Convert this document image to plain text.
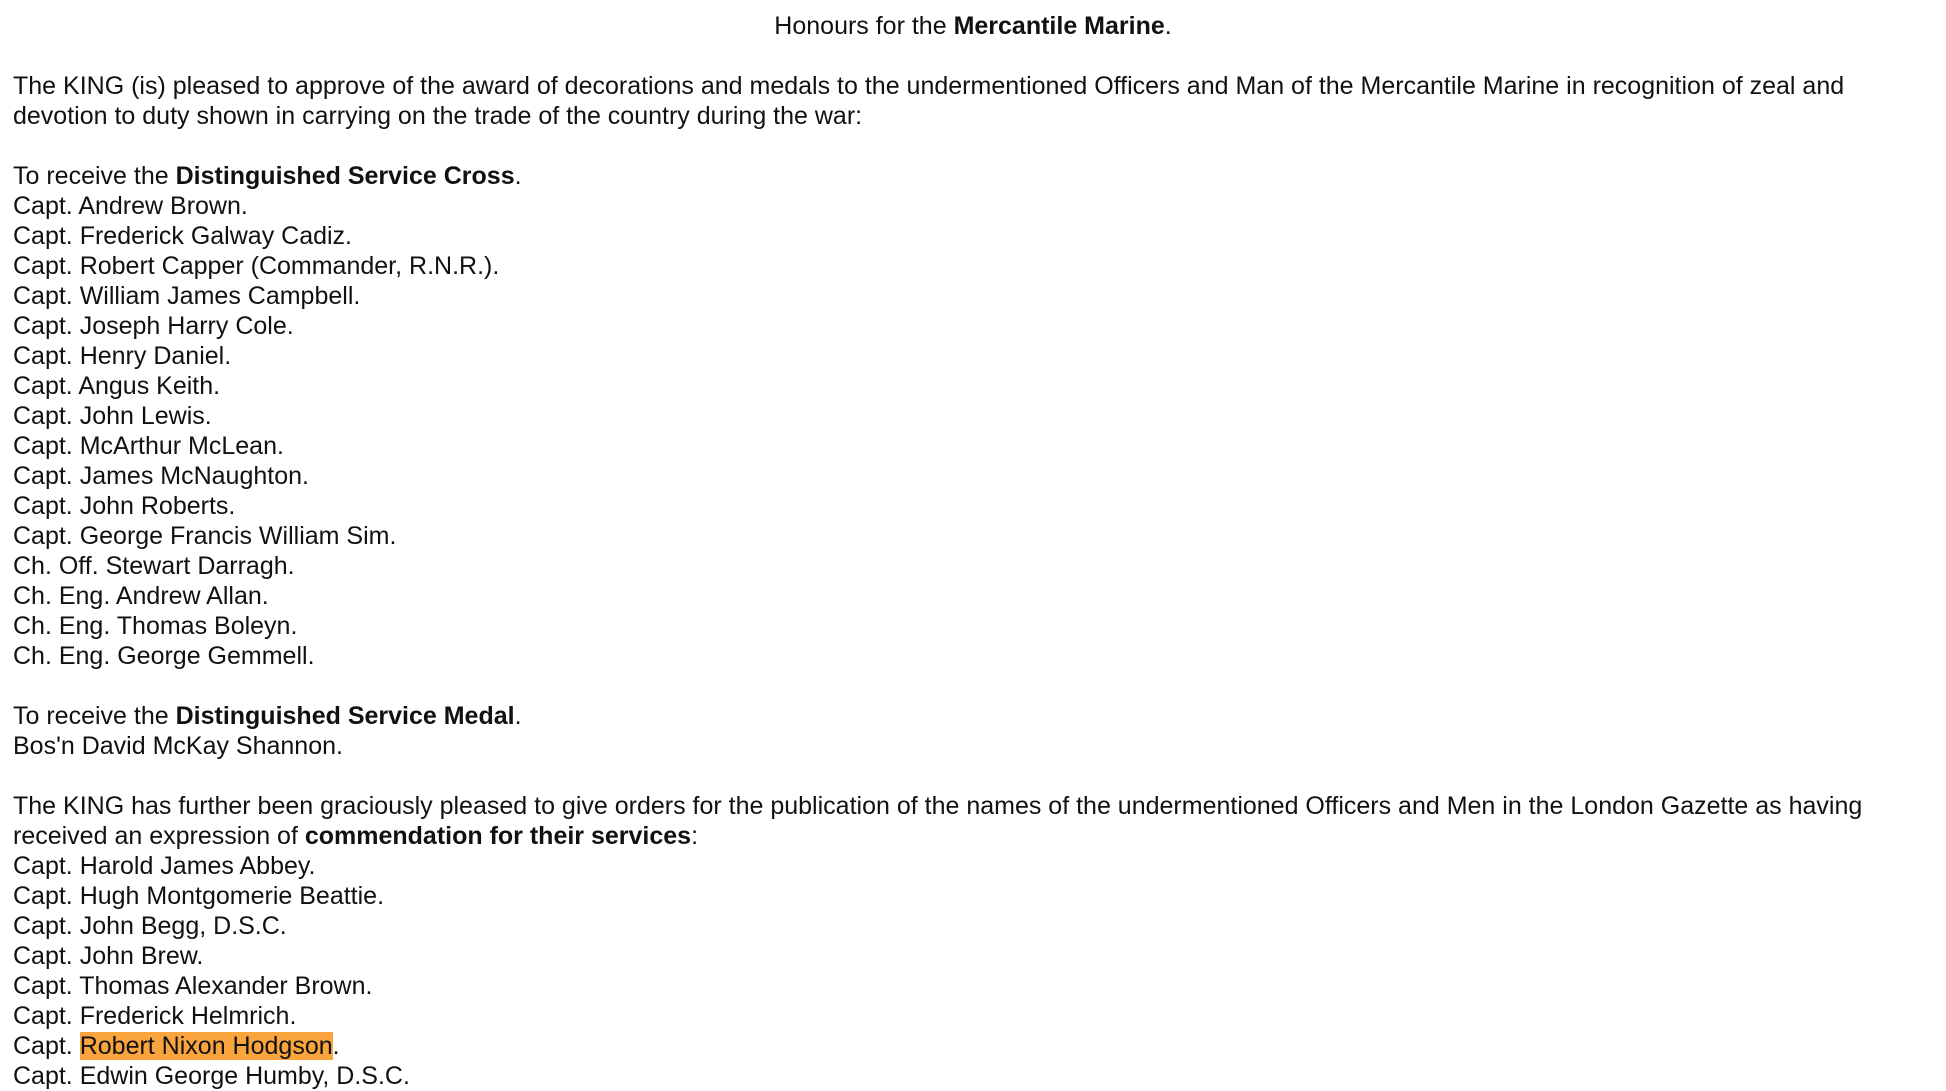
Honours for the Mercantile Marine.

The KING (is) pleased to approve of the award of decorations and medals to the undermentioned Officers and Man of the Mercantile Marine in recognition of zeal and devotion to duty shown in carrying on the trade of the country during the war:

To receive the Distinguished Service Cross.
Capt. Andrew Brown.
Capt. Frederick Galway Cadiz.
Capt. Robert Capper (Commander, R.N.R.).
Capt. William James Campbell.
Capt. Joseph Harry Cole.
Capt. Henry Daniel.
Capt. Angus Keith.
Capt. John Lewis.
Capt. McArthur McLean.
Capt. James McNaughton.
Capt. John Roberts.
Capt. George Francis William Sim.
Ch. Off. Stewart Darragh.
Ch. Eng. Andrew Allan.
Ch. Eng. Thomas Boleyn.
Ch. Eng. George Gemmell.
To receive the Distinguished Service Medal.
Bos'n David McKay Shannon.

The KING has further been graciously pleased to give orders for the publication of the names of the undermentioned Officers and Men in the London Gazette as having received an expression of commendation for their services:

Capt. Harold James Abbey.
Capt. Hugh Montgomerie Beattie.
Capt. John Begg, D.S.C.
Capt. John Brew.
Capt. Thomas Alexander Brown.
Capt. Frederick Helmrich.
Capt. Robert Nixon Hodgson.
Capt. Edwin George Humby, D.S.C.
